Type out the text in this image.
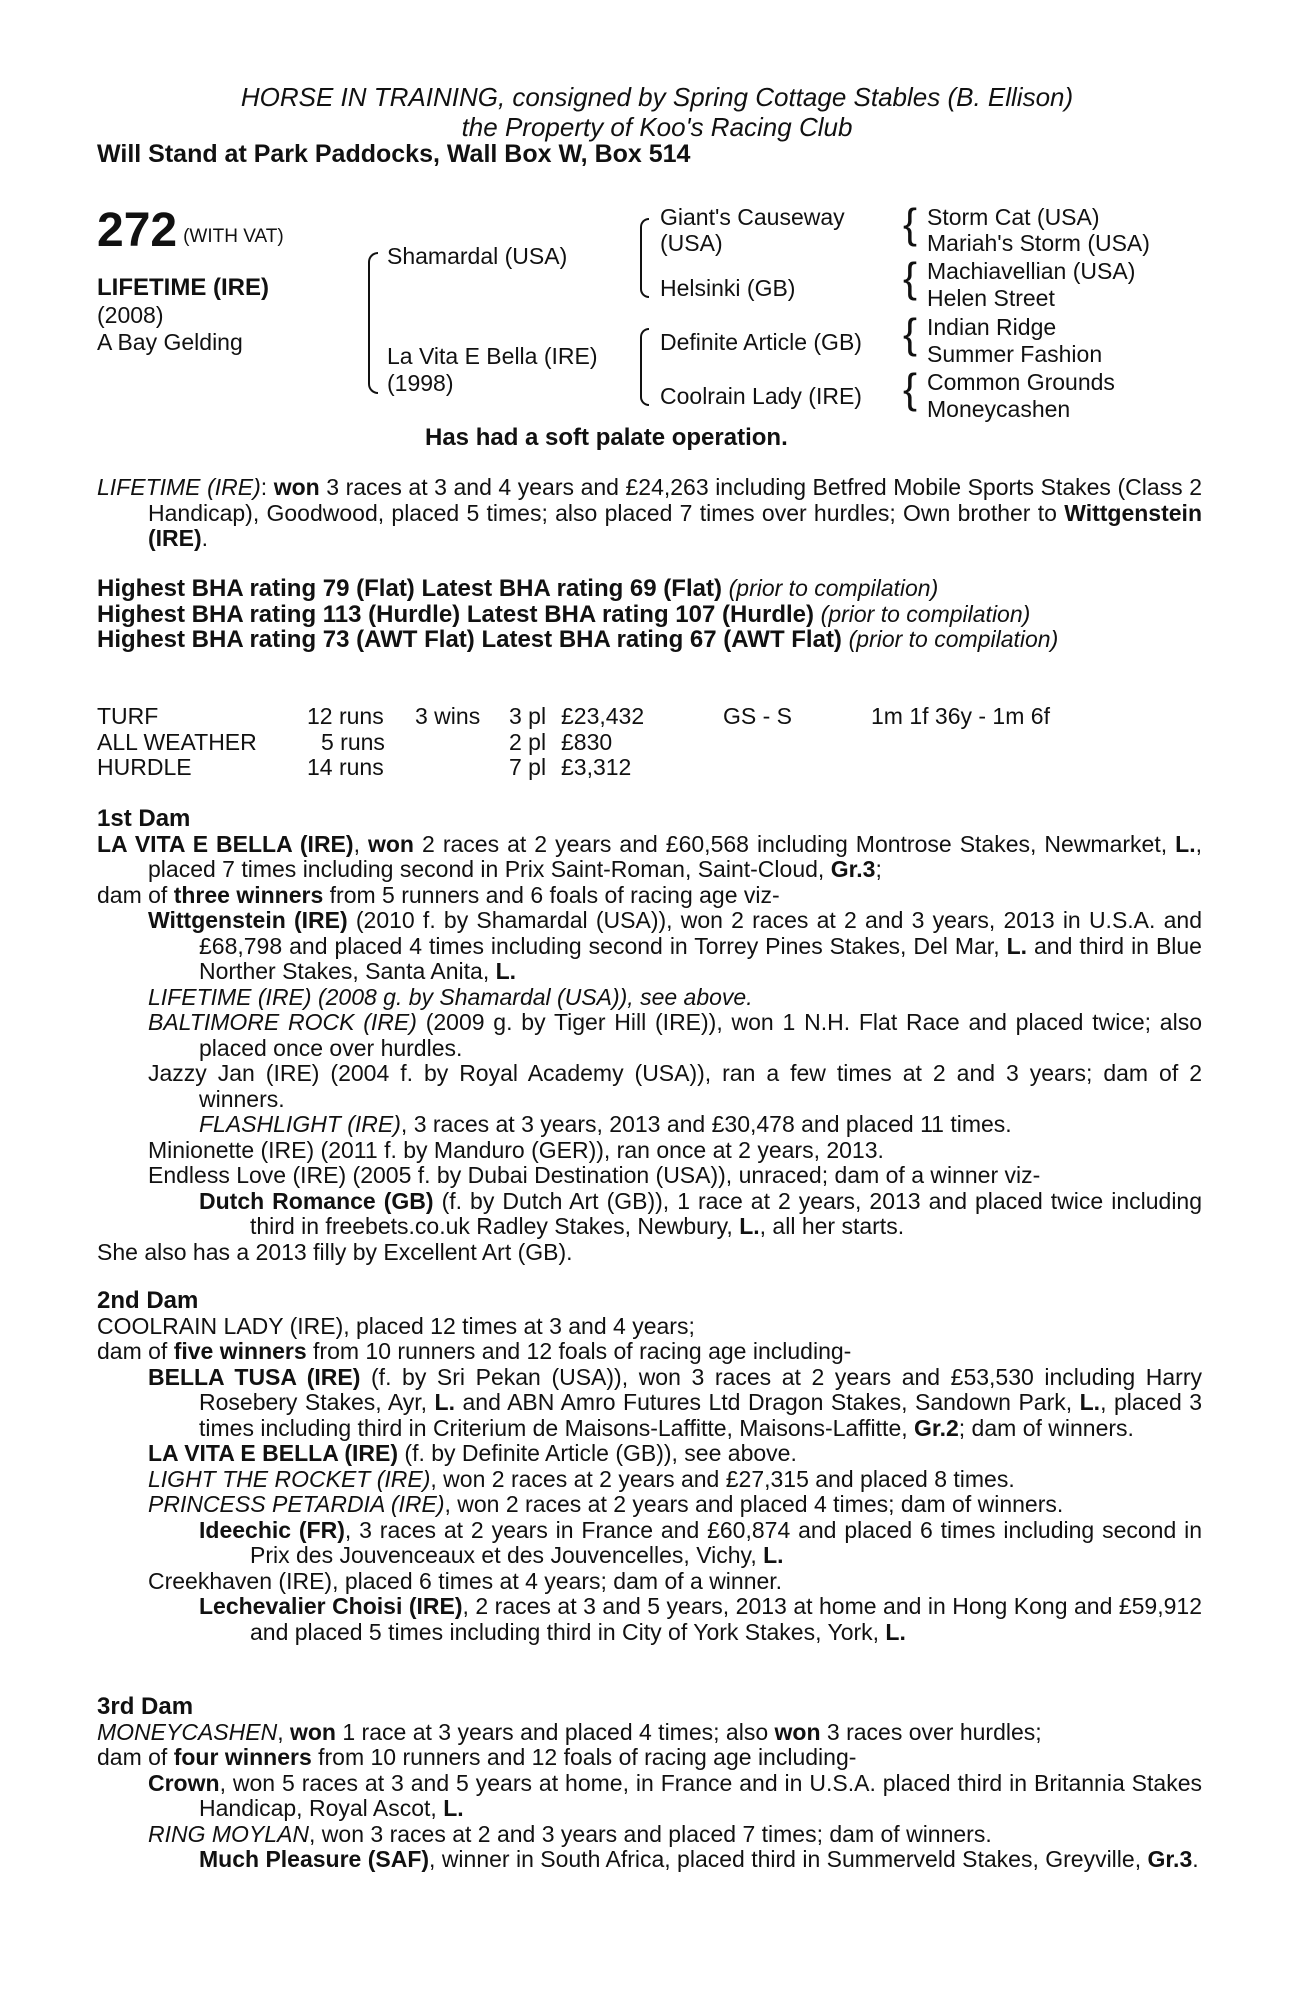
HORSE IN TRAINING, consigned by Spring Cottage Stables (B. Ellison)
the Property of Koo's Racing Club
Will Stand at Park Paddocks, Wall Box W, Box 514
272 (WITH VAT)
LIFETIME (IRE)
(2008)
A Bay Gelding
Shamardal (USA)
La Vita E Bella (IRE)
(1998)
Giant's Causeway
(USA)
Helsinki (GB)
Definite Article (GB)
Coolrain Lady (IRE)
{ Storm Cat (USA)
Mariah's Storm (USA)
{ Machiavellian (USA)
Helen Street
{ Indian Ridge
Summer Fashion
{ Common Grounds
Moneycashen
Has had a soft palate operation.

LIFETIME (IRE): won 3 races at 3 and 4 years and £24,263 including Betfred Mobile Sports Stakes (Class 2 Handicap), Goodwood, placed 5 times; also placed 7 times over hurdles; Own brother to Wittgenstein (IRE).

Highest BHA rating 79 (Flat) Latest BHA rating 69 (Flat) (prior to compilation)

Highest BHA rating 113 (Hurdle) Latest BHA rating 107 (Hurdle) (prior to compilation)

Highest BHA rating 73 (AWT Flat) Latest BHA rating 67 (AWT Flat) (prior to compilation)

TURF	12 runs	3 wins	3 pl	£23,432	GS - S	1m 1f 36y - 1m 6f
ALL WEATHER	5 runs		2 pl	£830		
HURDLE	14 runs		7 pl	£3,312		
1st Dam

LA VITA E BELLA (IRE), won 2 races at 2 years and £60,568 including Montrose Stakes, Newmarket, L., placed 7 times including second in Prix Saint-Roman, Saint-Cloud, Gr.3;

dam of three winners from 5 runners and 6 foals of racing age viz-

Wittgenstein (IRE) (2010 f. by Shamardal (USA)), won 2 races at 2 and 3 years, 2013 in U.S.A. and £68,798 and placed 4 times including second in Torrey Pines Stakes, Del Mar, L. and third in Blue Norther Stakes, Santa Anita, L.

LIFETIME (IRE) (2008 g. by Shamardal (USA)), see above.

BALTIMORE ROCK (IRE) (2009 g. by Tiger Hill (IRE)), won 1 N.H. Flat Race and placed twice; also placed once over hurdles.

Jazzy Jan (IRE) (2004 f. by Royal Academy (USA)), ran a few times at 2 and 3 years; dam of 2 winners.

FLASHLIGHT (IRE), 3 races at 3 years, 2013 and £30,478 and placed 11 times.

Minionette (IRE) (2011 f. by Manduro (GER)), ran once at 2 years, 2013.

Endless Love (IRE) (2005 f. by Dubai Destination (USA)), unraced; dam of a winner viz-

Dutch Romance (GB) (f. by Dutch Art (GB)), 1 race at 2 years, 2013 and placed twice including third in freebets.co.uk Radley Stakes, Newbury, L., all her starts.

She also has a 2013 filly by Excellent Art (GB).

2nd Dam

COOLRAIN LADY (IRE), placed 12 times at 3 and 4 years;

dam of five winners from 10 runners and 12 foals of racing age including-

BELLA TUSA (IRE) (f. by Sri Pekan (USA)), won 3 races at 2 years and £53,530 including Harry Rosebery Stakes, Ayr, L. and ABN Amro Futures Ltd Dragon Stakes, Sandown Park, L., placed 3 times including third in Criterium de Maisons-Laffitte, Maisons-Laffitte, Gr.2; dam of winners.

LA VITA E BELLA (IRE) (f. by Definite Article (GB)), see above.

LIGHT THE ROCKET (IRE), won 2 races at 2 years and £27,315 and placed 8 times.

PRINCESS PETARDIA (IRE), won 2 races at 2 years and placed 4 times; dam of winners.

Ideechic (FR), 3 races at 2 years in France and £60,874 and placed 6 times including second in Prix des Jouvenceaux et des Jouvencelles, Vichy, L.

Creekhaven (IRE), placed 6 times at 4 years; dam of a winner.

Lechevalier Choisi (IRE), 2 races at 3 and 5 years, 2013 at home and in Hong Kong and £59,912 and placed 5 times including third in City of York Stakes, York, L.

3rd Dam

MONEYCASHEN, won 1 race at 3 years and placed 4 times; also won 3 races over hurdles;

dam of four winners from 10 runners and 12 foals of racing age including-

Crown, won 5 races at 3 and 5 years at home, in France and in U.S.A. placed third in Britannia Stakes Handicap, Royal Ascot, L.

RING MOYLAN, won 3 races at 2 and 3 years and placed 7 times; dam of winners.

Much Pleasure (SAF), winner in South Africa, placed third in Summerveld Stakes, Greyville, Gr.3.
